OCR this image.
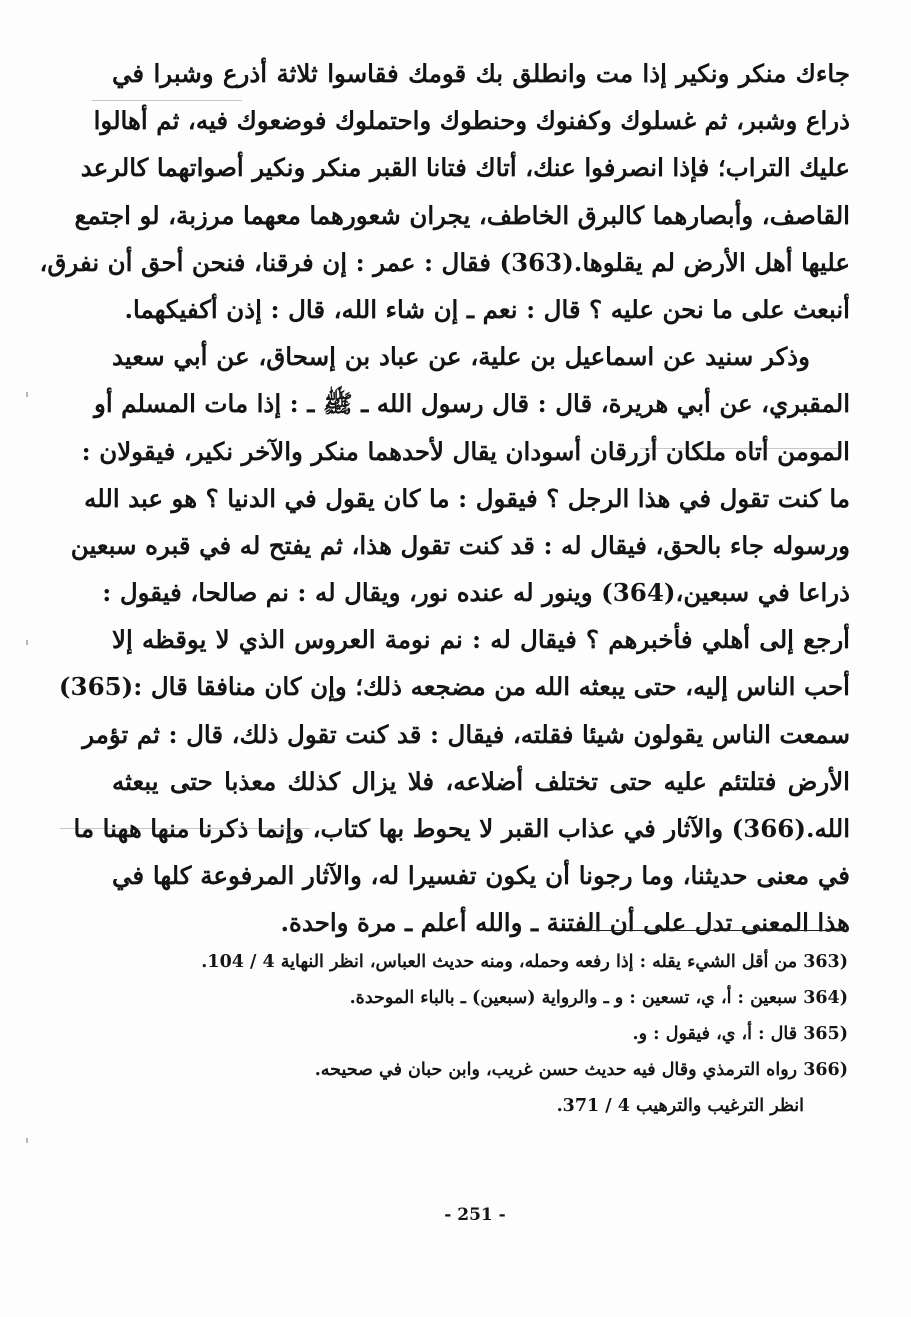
جاءك منكر ونكير إذا مت وانطلق بك قومك فقاسوا ثلاثة أذرع وشبرا في
ذراع وشبر، ثم غسلوك وكفنوك وحنطوك واحتملوك فوضعوك فيه، ثم أهالوا
عليك التراب؛ فإذا انصرفوا عنك، أتاك فتانا القبر منكر ونكير أصواتهما كالرعد
القاصف، وأبصارهما كالبرق الخاطف، يجران شعورهما معهما مرزبة، لو اجتمع
عليها أهل الأرض لم يقلوها.(363) فقال : عمر : إن فرقنا، فنحن أحق أن نفرق،
أنبعث على ما نحن عليه ؟ قال : نعم ـ إن شاء الله، قال : إذن أكفيكهما.
وذكر سنيد عن اسماعيل بن علية، عن عباد بن إسحاق، عن أبي سعيد
المقبري، عن أبي هريرة، قال : قال رسول الله ـ ﷺ ـ : إذا مات المسلم أو
المومن أتاه ملكان أزرقان أسودان يقال لأحدهما منكر والآخر نكير، فيقولان :
ما كنت تقول في هذا الرجل ؟ فيقول : ما كان يقول في الدنيا ؟ هو عبد الله
ورسوله جاء بالحق، فيقال له : قد كنت تقول هذا، ثم يفتح له في قبره سبعين
ذراعا في سبعين،(364) وينور له عنده نور، ويقال له : نم صالحا، فيقول :
أرجع إلى أهلي فأخبرهم ؟ فيقال له : نم نومة العروس الذي لا يوقظه إلا
أحب الناس إليه، حتى يبعثه الله من مضجعه ذلك؛ وإن كان منافقا قال :(365)
سمعت الناس يقولون شيئا فقلته، فيقال : قد كنت تقول ذلك، قال : ثم تؤمر
الأرض فتلتئم عليه حتى تختلف أضلاعه، فلا يزال كذلك معذبا حتى يبعثه
الله.(366) والآثار في عذاب القبر لا يحوط بها كتاب، وإنما ذكرنا منها ههنا ما
في معنى حديثنا، وما رجونا أن يكون تفسيرا له، والآثار المرفوعة كلها في
هذا المعنى تدل على أن الفتنة ـ والله أعلم ـ مرة واحدة.
(363 من أقل الشيء يقله : إذا رفعه وحمله، ومنه حديث العباس، انظر النهاية 4 / 104.
(364 سبعين : أ، ي، تسعين : و ـ والرواية (سبعين) ـ بالباء الموحدة.
(365 قال : أ، ي، فيقول : و.
(366 رواه الترمذي وقال فيه حديث حسن غريب، وابن حبان في صحيحه.
انظر الترغيب والترهيب 4 / 371.
- 251 -
